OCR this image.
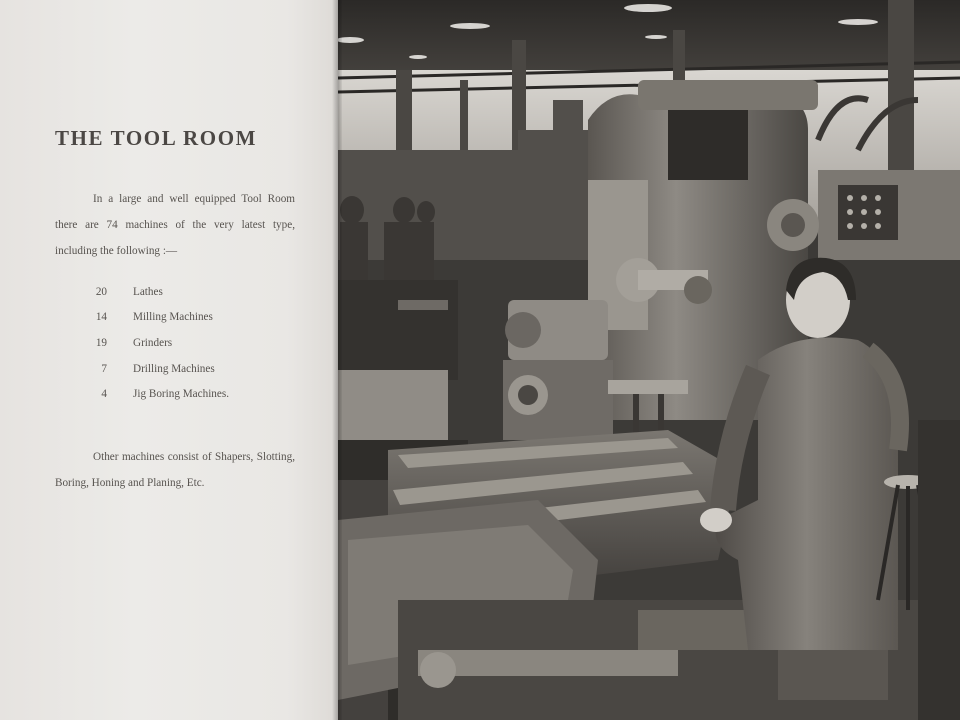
THE TOOL ROOM

In a large and well equipped Tool Room there are 74 machines of the very latest type, including the following :—

20 Lathes
14 Milling Machines
19 Grinders
7 Drilling Machines
4 Jig Boring Machines.

Other machines consist of Shapers, Slotting, Boring, Honing and Planing, Etc.
